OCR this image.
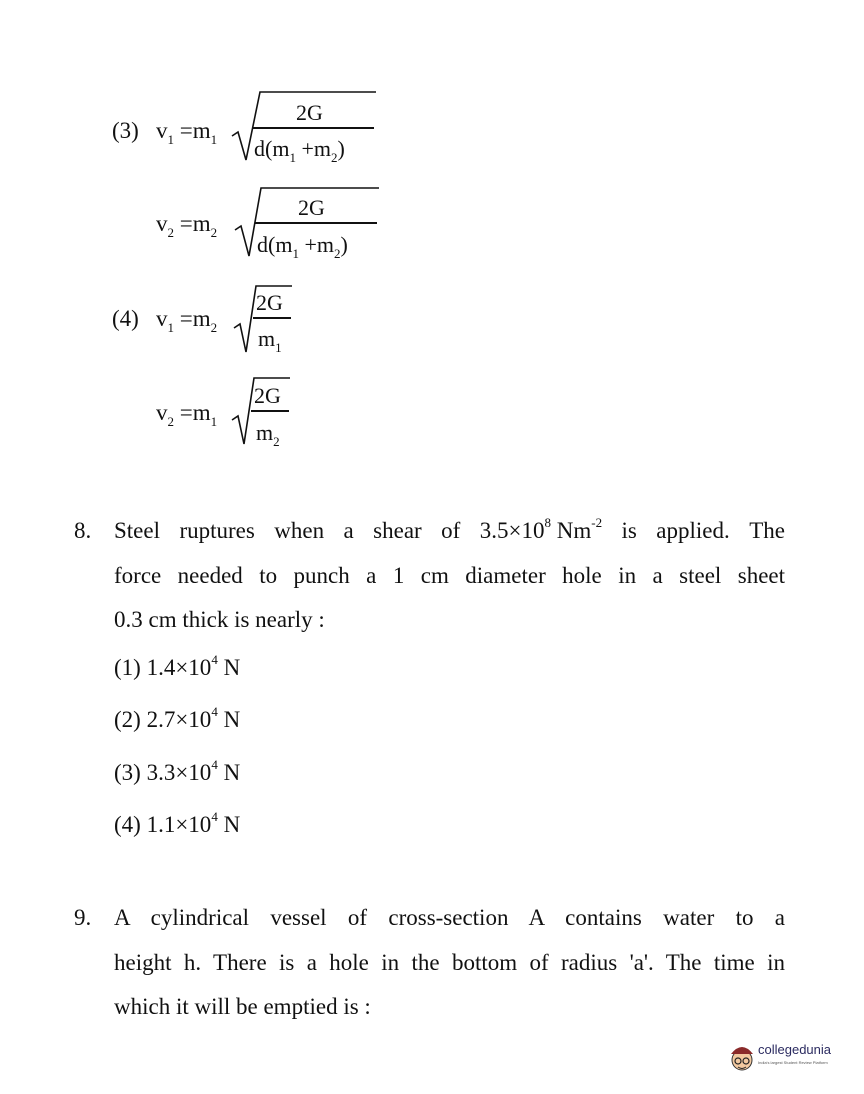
(3) $v_1 =m_1$
2G
$d(m_1 +m_2)$
$v_2 =m_2$
2G
$d(m_1 +m_2)$
(4) $v_1 =m_2$
2G
$m_1$
$v_2 =m_1$
2G
$m_2$
8. Steel ruptures when a shear of $3.5\times 10^8$ $Nm^{-2}$ is applied. The
force needed to punch a 1 cm diameter hole in a steel sheet
0.3 cm thick is nearly :
(1) $1.4\times 10^4$ N
(2) $2.7\times 10^4$ N
(3) $3.3\times 10^4$ N
(4) $1.1\times 10^4$ N
9. A cylindrical vessel of cross-section A contains water to a
height h. There is a hole in the bottom of radius 'a'. The time in
which it will be emptied is :
collegedunia
India's largest Student Review Platform
